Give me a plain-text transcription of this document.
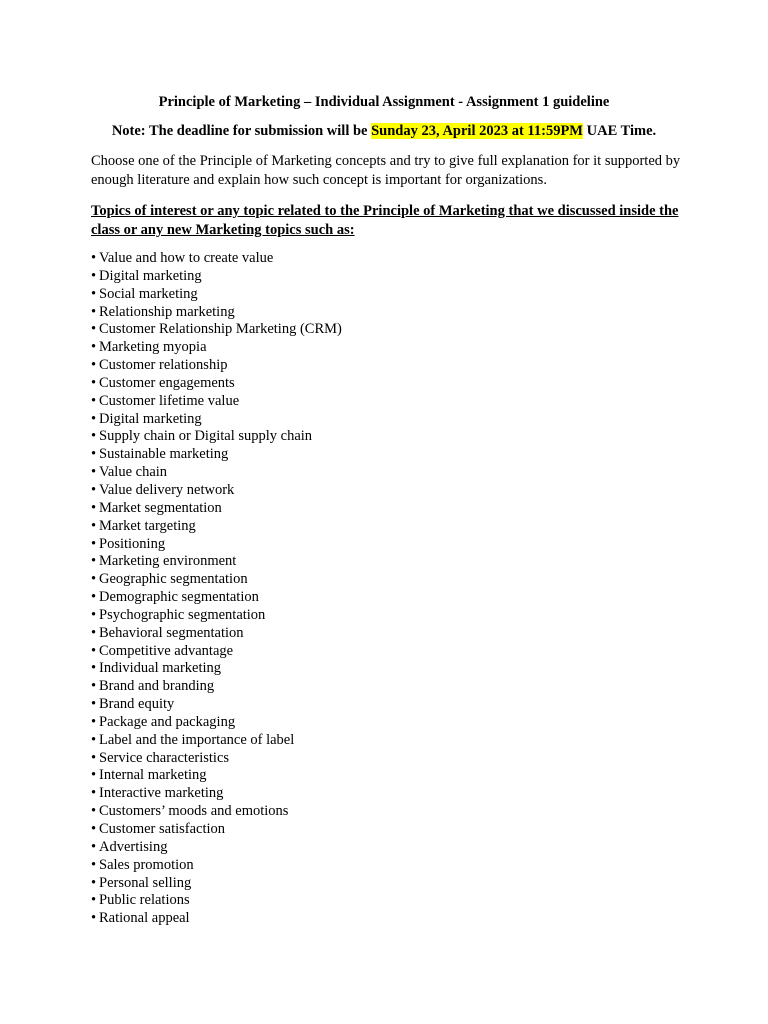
Principle of Marketing – Individual Assignment - Assignment 1 guideline
Note: The deadline for submission will be Sunday 23, April 2023 at 11:59PM UAE Time.
Choose one of the Principle of Marketing concepts and try to give full explanation for it supported by enough literature and explain how such concept is important for organizations.
Topics of interest or any topic related to the Principle of Marketing that we discussed inside the class or any new Marketing topics such as:
• Value and how to create value
• Digital marketing
• Social marketing
• Relationship marketing
• Customer Relationship Marketing (CRM)
• Marketing myopia
• Customer relationship
• Customer engagements
• Customer lifetime value
• Digital marketing
• Supply chain or Digital supply chain
• Sustainable marketing
• Value chain
• Value delivery network
• Market segmentation
• Market targeting
• Positioning
• Marketing environment
• Geographic segmentation
• Demographic segmentation
• Psychographic segmentation
• Behavioral segmentation
• Competitive advantage
• Individual marketing
• Brand and branding
• Brand equity
• Package and packaging
• Label and the importance of label
• Service characteristics
• Internal marketing
• Interactive marketing
• Customers’ moods and emotions
• Customer satisfaction
• Advertising
• Sales promotion
• Personal selling
• Public relations
• Rational appeal
